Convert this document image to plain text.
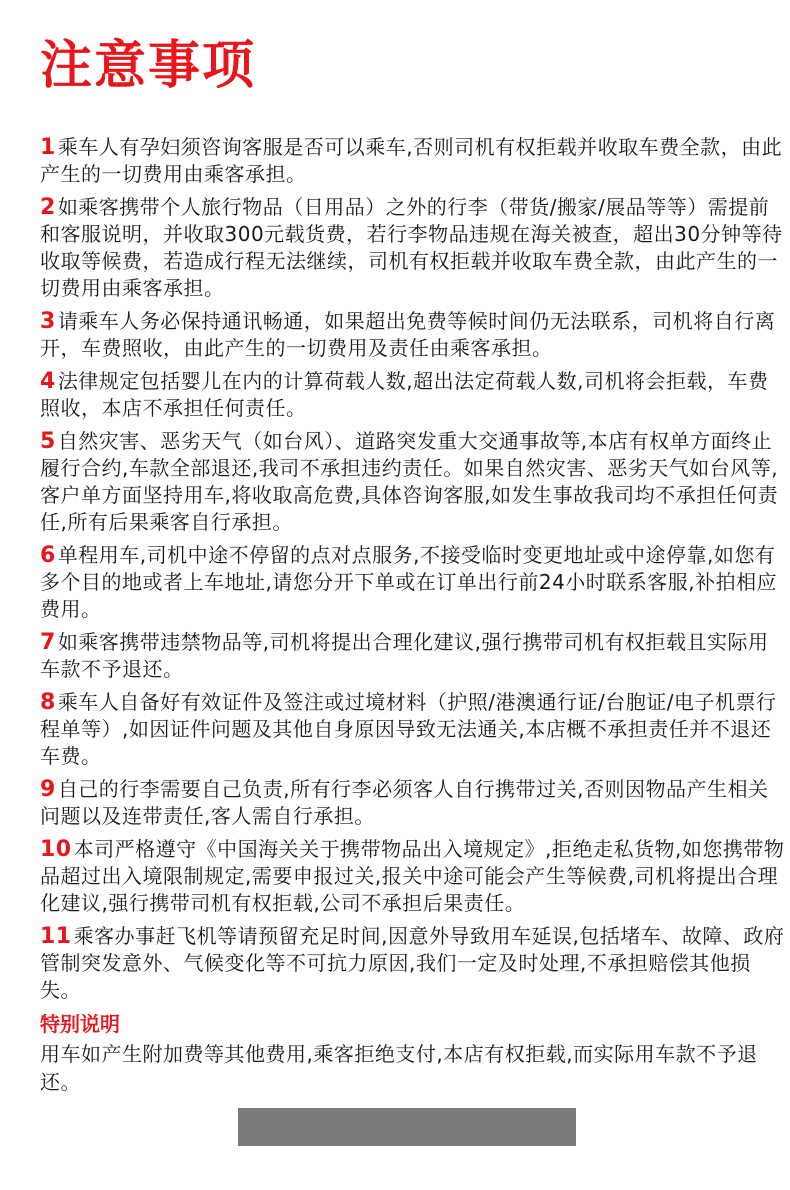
注意事项

1 乘车人有孕妇须咨询客服是否可以乘车,否则司机有权拒载并收取车费全款，由此产生的一切费用由乘客承担。

2 如乘客携带个人旅行物品（日用品）之外的行李（带货/搬家/展品等等）需提前和客服说明，并收取300元载货费，若行李物品违规在海关被查，超出30分钟等待收取等候费，若造成行程无法继续，司机有权拒载并收取车费全款，由此产生的一切费用由乘客承担。

3 请乘车人务必保持通讯畅通，如果超出免费等候时间仍无法联系，司机将自行离开，车费照收，由此产生的一切费用及责任由乘客承担。

4 法律规定包括婴儿在内的计算荷载人数,超出法定荷载人数,司机将会拒载，车费照收，本店不承担任何责任。

5 自然灾害、恶劣天气（如台风）、道路突发重大交通事故等,本店有权单方面终止履行合约,车款全部退还,我司不承担违约责任。如果自然灾害、恶劣天气如台风等,客户单方面坚持用车,将收取高危费,具体咨询客服,如发生事故我司均不承担任何责任,所有后果乘客自行承担。

6 单程用车,司机中途不停留的点对点服务,不接受临时变更地址或中途停靠,如您有多个目的地或者上车地址,请您分开下单或在订单出行前24小时联系客服,补拍相应费用。

7 如乘客携带违禁物品等,司机将提出合理化建议,强行携带司机有权拒载且实际用车款不予退还。

8 乘车人自备好有效证件及签注或过境材料（护照/港澳通行证/台胞证/电子机票行程单等）,如因证件问题及其他自身原因导致无法通关,本店概不承担责任并不退还车费。

9 自己的行李需要自己负责,所有行李必须客人自行携带过关,否则因物品产生相关问题以及连带责任,客人需自行承担。

10 本司严格遵守《中国海关关于携带物品出入境规定》,拒绝走私货物,如您携带物品超过出入境限制规定,需要申报过关,报关中途可能会产生等候费,司机将提出合理化建议,强行携带司机有权拒载,公司不承担后果责任。

11 乘客办事赶飞机等请预留充足时间,因意外导致用车延误,包括堵车、故障、政府管制突发意外、气候变化等不可抗力原因,我们一定及时处理,不承担赔偿其他损失。

特别说明

用车如产生附加费等其他费用,乘客拒绝支付,本店有权拒载,而实际用车款不予退还。
